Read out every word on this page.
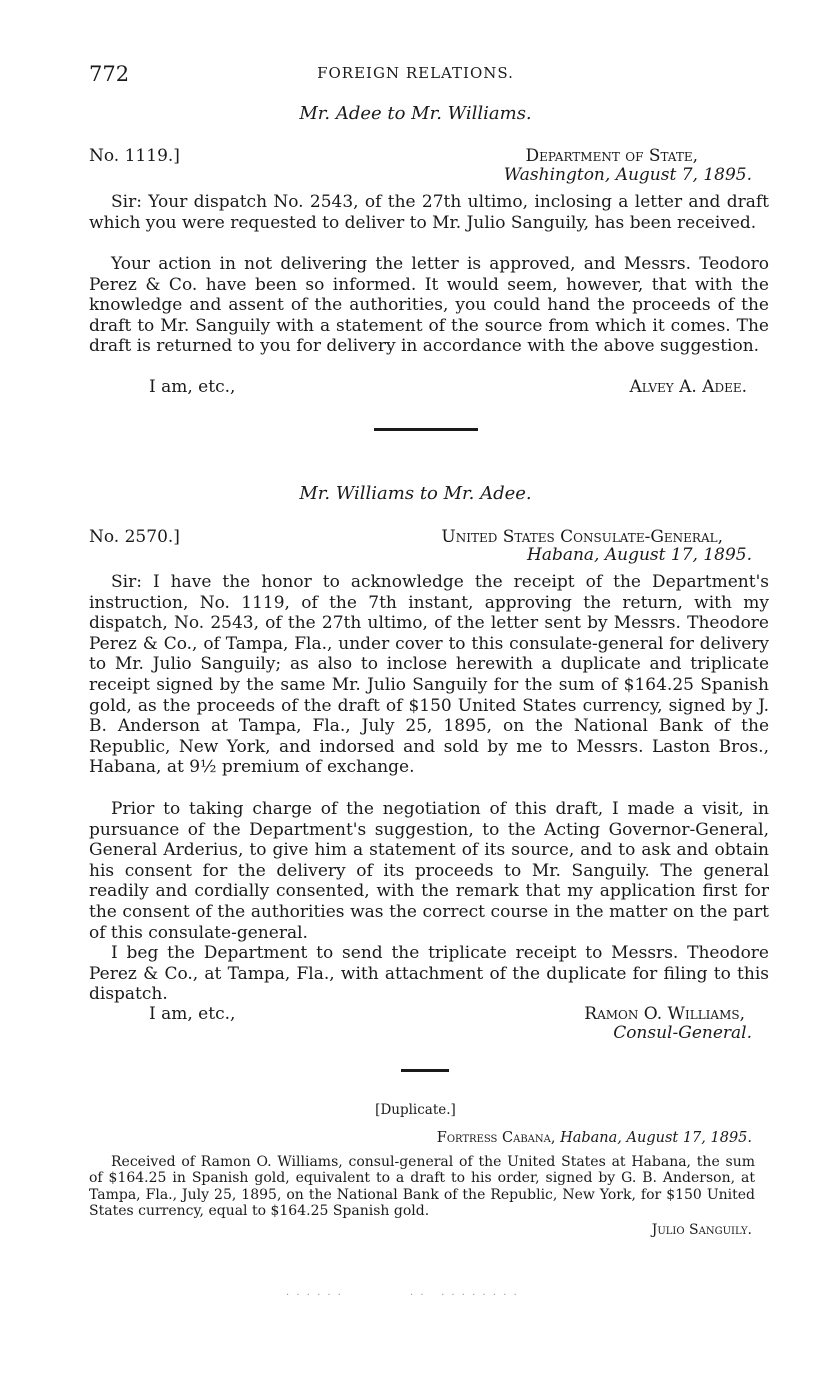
772	FOREIGN RELATIONS.
Mr. Adee to Mr. Williams.
No. 1119.]	Department of State,
Washington, August 7, 1895.
Sir: Your dispatch No. 2543, of the 27th ultimo, inclosing a letter and draft which you were requested to deliver to Mr. Julio Sanguily, has been received.
Your action in not delivering the letter is approved, and Messrs. Teodoro Perez & Co. have been so informed. It would seem, however, that with the knowledge and assent of the authorities, you could hand the proceeds of the draft to Mr. Sanguily with a statement of the source from which it comes. The draft is returned to you for delivery in accordance with the above suggestion.
I am, etc.,	Alvey A. Adee.
Mr. Williams to Mr. Adee.
No. 2570.]	United States Consulate-General,
Habana, August 17, 1895.
Sir: I have the honor to acknowledge the receipt of the Department's instruction, No. 1119, of the 7th instant, approving the return, with my dispatch, No. 2543, of the 27th ultimo, of the letter sent by Messrs. Theodore Perez & Co., of Tampa, Fla., under cover to this consulate-general for delivery to Mr. Julio Sanguily; as also to inclose herewith a duplicate and triplicate receipt signed by the same Mr. Julio Sanguily for the sum of $164.25 Spanish gold, as the proceeds of the draft of $150 United States currency, signed by J. B. Anderson at Tampa, Fla., July 25, 1895, on the National Bank of the Republic, New York, and indorsed and sold by me to Messrs. Laston Bros., Habana, at 9½ premium of exchange.
Prior to taking charge of the negotiation of this draft, I made a visit, in pursuance of the Department's suggestion, to the Acting Governor-General, General Arderius, to give him a statement of its source, and to ask and obtain his consent for the delivery of its proceeds to Mr. Sanguily. The general readily and cordially consented, with the remark that my application first for the consent of the authorities was the correct course in the matter on the part of this consulate-general.
I beg the Department to send the triplicate receipt to Messrs. Theodore Perez & Co., at Tampa, Fla., with attachment of the duplicate for filing to this dispatch.
I am, etc.,	Ramon O. Williams,
Consul-General.
[Duplicate.]
Fortress Cabana, Habana, August 17, 1895.
Received of Ramon O. Williams, consul-general of the United States at Habana, the sum of $164.25 in Spanish gold, equivalent to a draft to his order, signed by G. B. Anderson, at Tampa, Fla., July 25, 1895, on the National Bank of the Republic, New York, for $150 United States currency, equal to $164.25 Spanish gold.
Julio Sanguily.
· · · · · ·	· ·   · · · · · · · ·
